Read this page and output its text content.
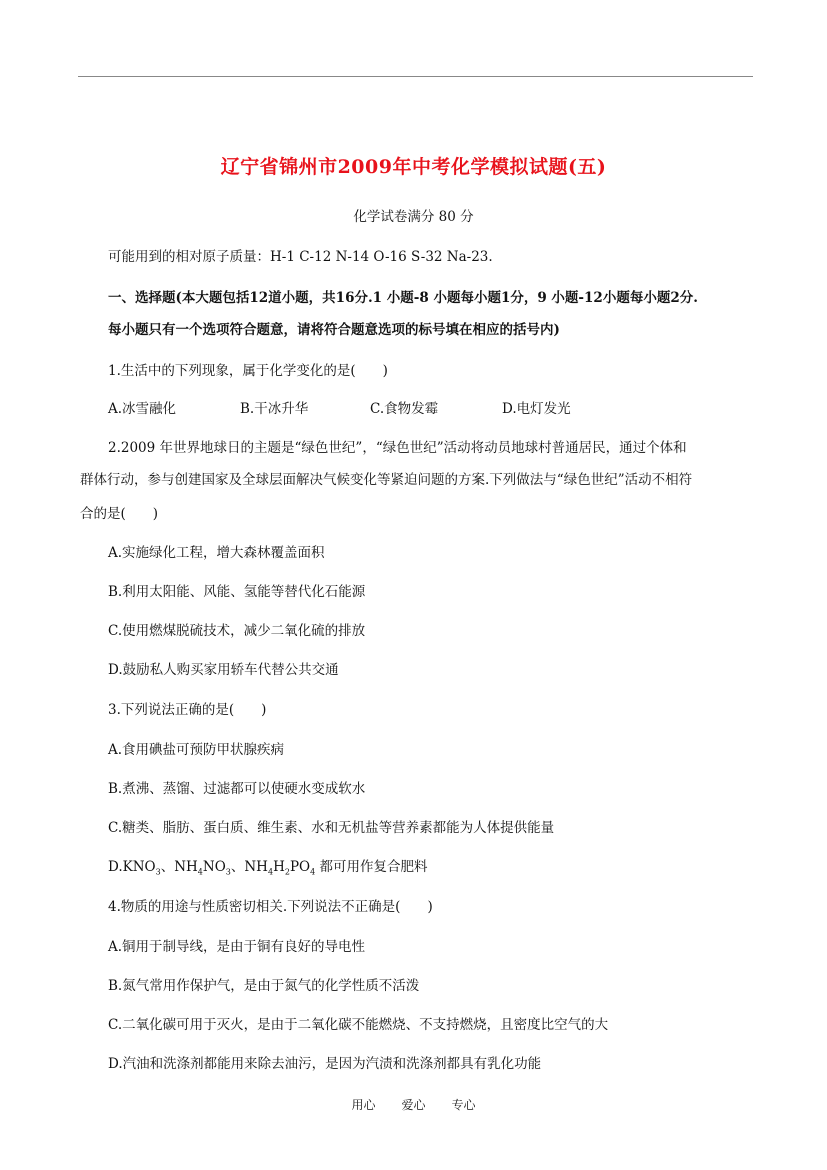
辽宁省锦州市2009年中考化学模拟试题(五)
化学试卷满分 80 分
可能用到的相对原子质量：H-1 C-12 N-14 O-16 S-32 Na-23.
一、选择题(本大题包括12道小题，共16分.1 小题-8 小题每小题1分，9 小题-12小题每小题2分.
每小题只有一个选项符合题意，请将符合题意选项的标号填在相应的括号内)
1.生活中的下列现象，属于化学变化的是(　　)
A.冰雪融化	B.干冰升华	C.食物发霉	D.电灯发光
2.2009 年世界地球日的主题是“绿色世纪”，“绿色世纪”活动将动员地球村普通居民，通过个体和
群体行动，参与创建国家及全球层面解决气候变化等紧迫问题的方案.下列做法与“绿色世纪”活动不相符
合的是(　　)
A.实施绿化工程，增大森林覆盖面积
B.利用太阳能、风能、氢能等替代化石能源
C.使用燃煤脱硫技术，减少二氧化硫的排放
D.鼓励私人购买家用轿车代替公共交通
3.下列说法正确的是(　　)
A.食用碘盐可预防甲状腺疾病
B.煮沸、蒸馏、过滤都可以使硬水变成软水
C.糖类、脂肪、蛋白质、维生素、水和无机盐等营养素都能为人体提供能量
$D.KNO_3$、$NH_4NO_3$、$NH_4H_2PO_4$ 都可用作复合肥料
4.物质的用途与性质密切相关.下列说法不正确是(　　)
A.铜用于制导线，是由于铜有良好的导电性
B.氮气常用作保护气，是由于氮气的化学性质不活泼
C.二氧化碳可用于灭火，是由于二氧化碳不能燃烧、不支持燃烧，且密度比空气的大
D.汽油和洗涤剂都能用来除去油污，是因为汽渍和洗涤剂都具有乳化功能
用心 爱心 专心
